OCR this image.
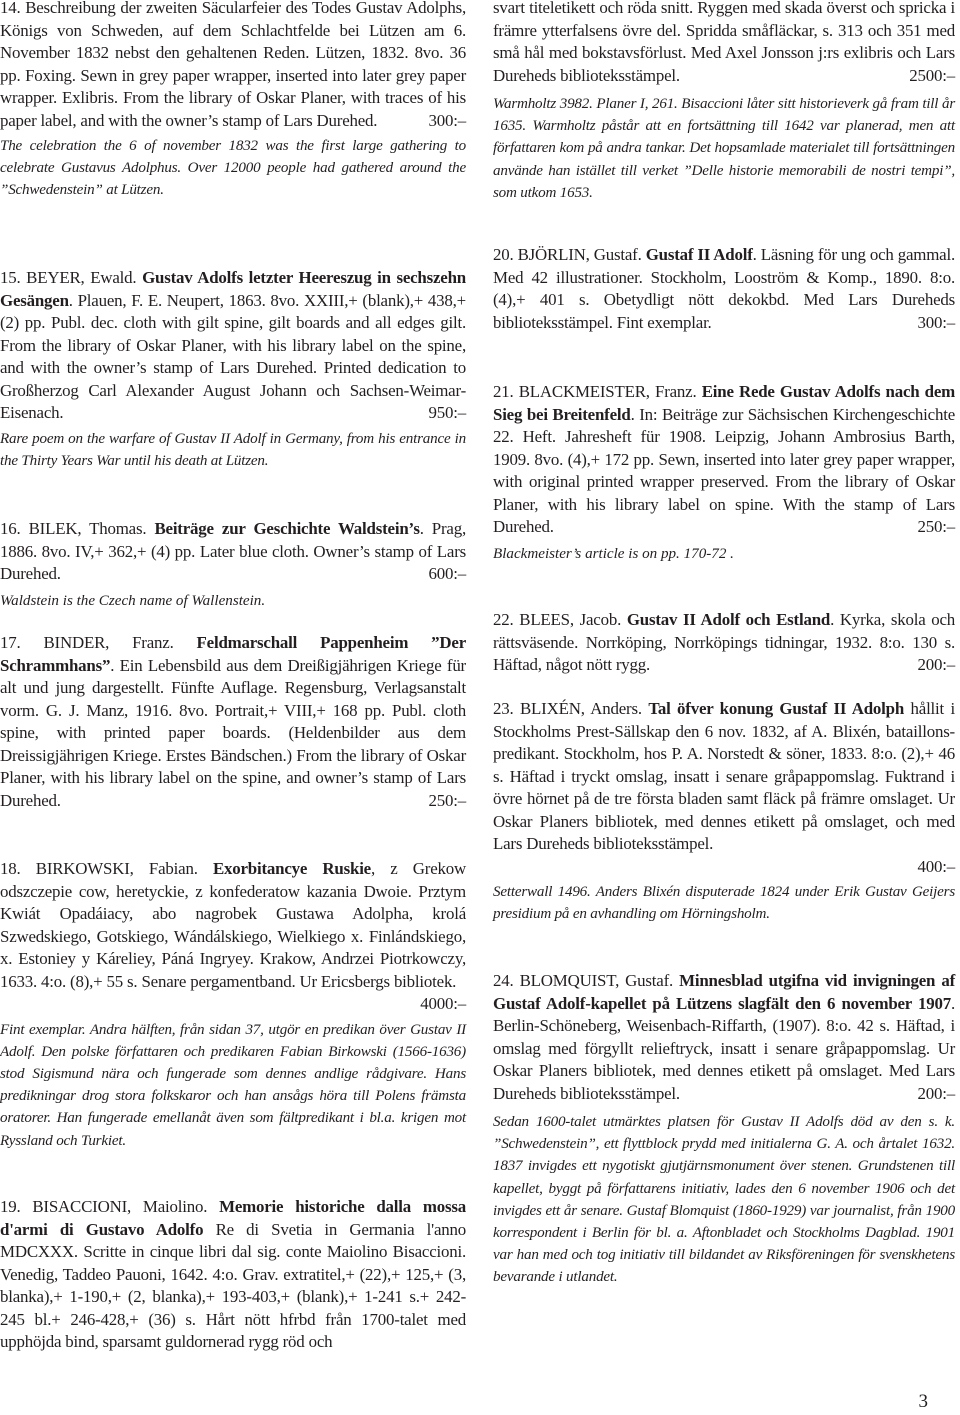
14. Beschreibung der zweiten Säcularfeier des Todes Gustav Adolphs, Königs von Schweden, auf dem Schlachtfelde bei Lützen am 6. November 1832 nebst den gehaltenen Reden. Lützen, 1832. 8vo. 36 pp. Foxing. Sewn in grey paper wrapper, inserted into later grey paper wrapper. Exlibris. From the library of Oskar Planer, with traces of his paper label, and with the owner’s stamp of Lars Durehed.	300:–

The celebration the 6 of november 1832 was the first large gathering to celebrate Gustavus Adolphus. Over 12000 people had gathered around the ”Schwedenstein” at Lützen.

15. BEYER, Ewald. Gustav Adolfs letzter Heereszug in sechszehn Gesängen. Plauen, F. E. Neupert, 1863. 8vo. XXIII,+ (blank),+ 438,+ (2) pp. Publ. dec. cloth with gilt spine, gilt boards and all edges gilt. From the library of Oskar Planer, with his library label on the spine, and with the owner’s stamp of Lars Durehed. Printed dedication to Großherzog Carl Alexander August Johann och Sachsen-Weimar-Eisenach.	950:–

Rare poem on the warfare of Gustav II Adolf in Germany, from his entrance in the Thirty Years War until his death at Lützen.

16. BILEK, Thomas. Beiträge zur Geschichte Waldstein’s. Prag, 1886. 8vo. IV,+ 362,+ (4) pp. Later blue cloth. Owner’s stamp of Lars Durehed.	600:–

Waldstein is the Czech name of Wallenstein.

17. BINDER, Franz. Feldmarschall Pappenheim ”Der Schrammhans”. Ein Lebensbild aus dem Dreißigjährigen Kriege für alt und jung dargestellt. Fünfte Auflage. Regensburg, Verlagsanstalt vorm. G. J. Manz, 1916. 8vo. Portrait,+ VIII,+ 168 pp. Publ. cloth spine, with printed paper boards. (Heldenbilder aus dem Dreissigjährigen Kriege. Erstes Bändschen.) From the library of Oskar Planer, with his library label on the spine, and owner’s stamp of Lars Durehed.	250:–

18. BIRKOWSKI, Fabian. Exorbitancye Ruskie, z Grekow odszczepie cow, heretyckie, z konfederatow kazania Dwoie. Prztym Kwiát Opadáiacy, abo nagrobek Gustawa Adolpha, krolá Szwedskiego, Gotskiego, Wándálskiego, Wielkiego x. Finlándskiego, x. Estoniey y Káreliey, Páná Ingryey. Krakow, Andrzei Piotrkowczy, 1633. 4:o. (8),+ 55 s. Senare pergamentband. Ur Ericsbergs bibliotek.

4000:–

Fint exemplar. Andra hälften, från sidan 37, utgör en predikan över Gustav II Adolf. Den polske författaren och predikaren Fabian Birkowski (1566-1636) stod Sigismund nära och fungerade som dennes andlige rådgivare. Hans predikningar drog stora folkskaror och han ansågs höra till Polens främsta oratorer. Han fungerade emellanåt även som fältpredikant i bl.a. krigen mot Ryssland och Turkiet.

19. BISACCIONI, Maiolino. Memorie historiche dalla mossa d'armi di Gustavo Adolfo Re di Svetia in Germania l'anno MDCXXX. Scritte in cinque libri dal sig. conte Maiolino Bisaccioni. Venedig, Taddeo Pauoni, 1642. 4:o. Grav. extratitel,+ (22),+ 125,+ (3, blanka),+ 1-190,+ (2, blanka),+ 193-403,+ (blank),+ 1-241 s.+ 242-245 bl.+ 246-428,+ (36) s. Hårt nött hfrbd från 1700-talet med upphöjda bind, sparsamt guldornerad rygg röd och

svart titeletikett och röda snitt. Ryggen med skada överst och spricka i främre ytterfalsens övre del. Spridda småfläckar, s. 313 och 351 med små hål med bokstavsförlust. Med Axel Jonsson j:rs exlibris och Lars Dureheds biblioteksstämpel.	2500:–

Warmholtz 3982. Planer I, 261. Bisaccioni låter sitt historieverk gå fram till år 1635. Warmholtz påstår att en fortsättning till 1642 var planerad, men att författaren kom på andra tankar. Det hopsamlade materialet till fortsättningen använde han istället till verket ”Delle historie memorabili de nostri tempi”, som utkom 1653.

20. BJÖRLIN, Gustaf. Gustaf II Adolf. Läsning för ung och gammal. Med 42 illustrationer. Stockholm, Looström & Komp., 1890. 8:o. (4),+ 401 s. Obetydligt nött dekokbd. Med Lars Dureheds biblioteksstämpel. Fint exemplar.	300:–

21. BLACKMEISTER, Franz. Eine Rede Gustav Adolfs nach dem Sieg bei Breitenfeld. In: Beiträge zur Sächsischen Kirchengeschichte 22. Heft. Jahresheft für 1908. Leipzig, Johann Ambrosius Barth, 1909. 8vo. (4),+ 172 pp. Sewn, inserted into later grey paper wrapper, with original printed wrapper preserved. From the library of Oskar Planer, with his library label on spine. With the stamp of Lars Durehed.	250:–

Blackmeister’s article is on pp. 170-72 .

22. BLEES, Jacob. Gustav II Adolf och Estland. Kyrka, skola och rättsväsende. Norrköping, Norrköpings tidningar, 1932. 8:o. 130 s. Häftad, något nött rygg.	200:–

23. BLIXÉN, Anders. Tal öfver konung Gustaf II Adolph hållit i Stockholms Prest-Sällskap den 6 nov. 1832, af A. Blixén, bataillons-predikant. Stockholm, hos P. A. Norstedt & söner, 1833. 8:o. (2),+ 46 s. Häftad i tryckt omslag, insatt i senare gråpappomslag. Fuktrand i övre hörnet på de tre första bladen samt fläck på främre omslaget. Ur Oskar Planers bibliotek, med dennes etikett på omslaget, och med Lars Dureheds biblioteksstämpel.

400:–

Setterwall 1496. Anders Blixén disputerade 1824 under Erik Gustav Geijers presidium på en avhandling om Hörningsholm.

24. BLOMQUIST, Gustaf. Minnesblad utgifna vid invigningen af Gustaf Adolf-kapellet på Lützens slagfält den 6 november 1907. Berlin-Schöneberg, Weisenbach-Riffarth, (1907). 8:o. 42 s. Häftad, i omslag med förgyllt relieftryck, insatt i senare gråpappomslag. Ur Oskar Planers bibliotek, med dennes etikett på omslaget. Med Lars Dureheds biblioteksstämpel.	200:–

Sedan 1600-talet utmärktes platsen för Gustav II Adolfs död av den s. k. ”Schwedenstein”, ett flyttblock prydd med initialerna G. A. och årtalet 1632. 1837 invigdes ett nygotiskt gjutjärnsmonument över stenen. Grundstenen till kapellet, byggt på författarens initiativ, lades den 6 november 1906 och det invigdes ett år senare. Gustaf Blomquist (1860-1929) var journalist, från 1900 korrespondent i Berlin för bl. a. Aftonbladet och Stockholms Dagblad. 1901 var han med och tog initiativ till bildandet av Riksföreningen för svenskhetens bevarande i utlandet.

3
